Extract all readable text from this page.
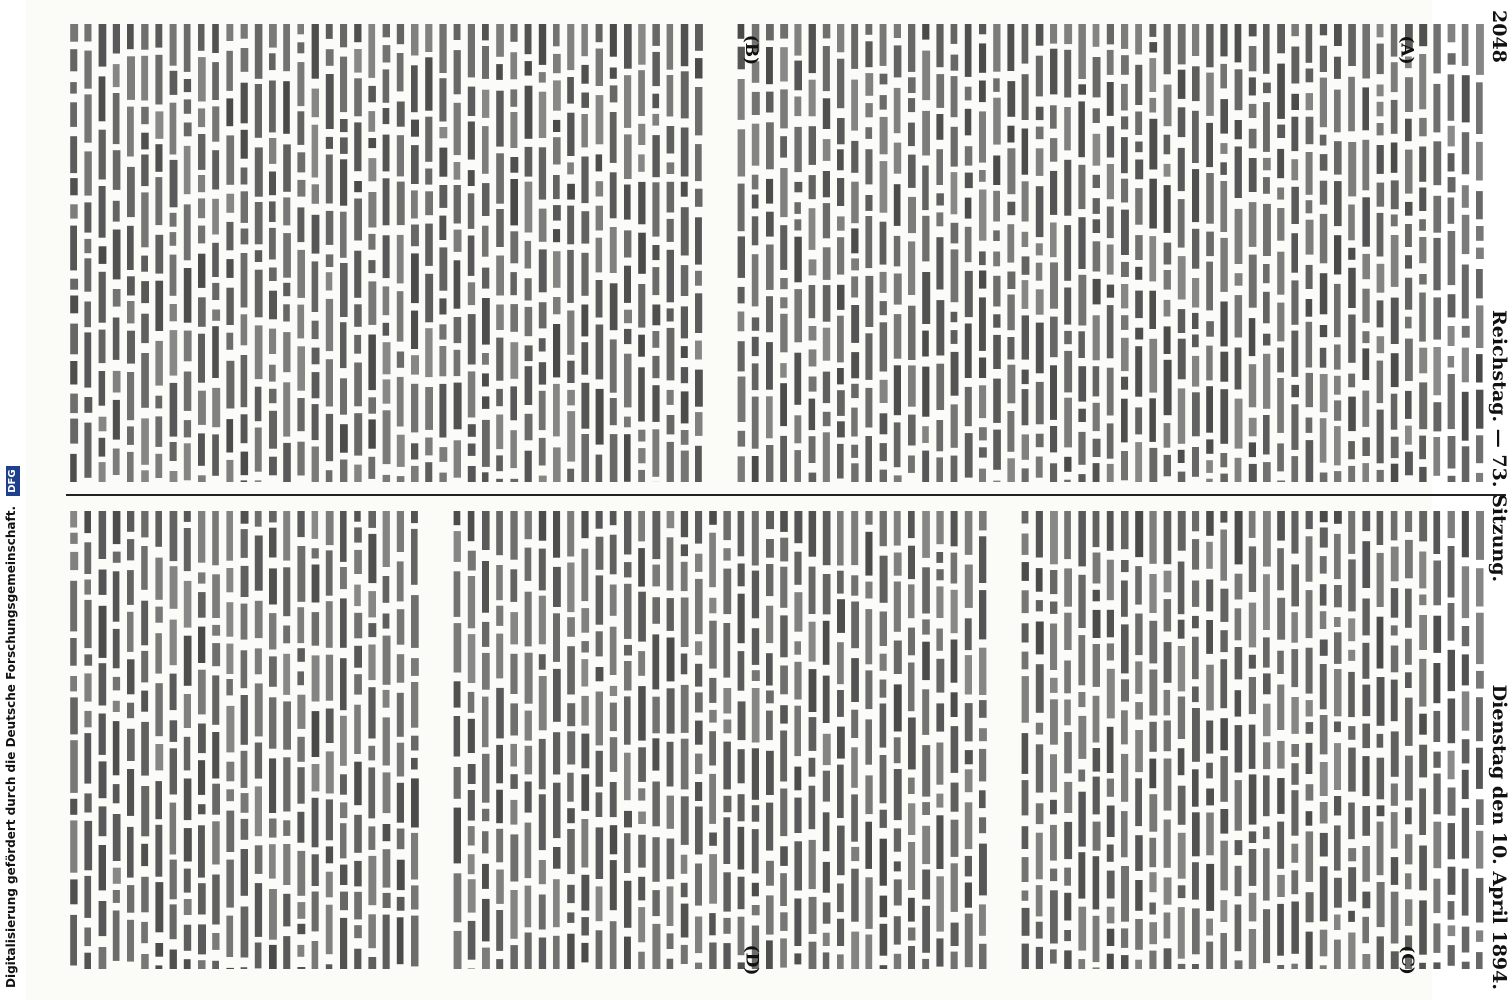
Digitalisierung gefördert durch die Deutsche Forschungsgemeinschaft. DFG
(A)
(B)
(C)
(D)
2048
Reichstag. — 73. Sitzung.
Dienstag den 10. April 1894.
